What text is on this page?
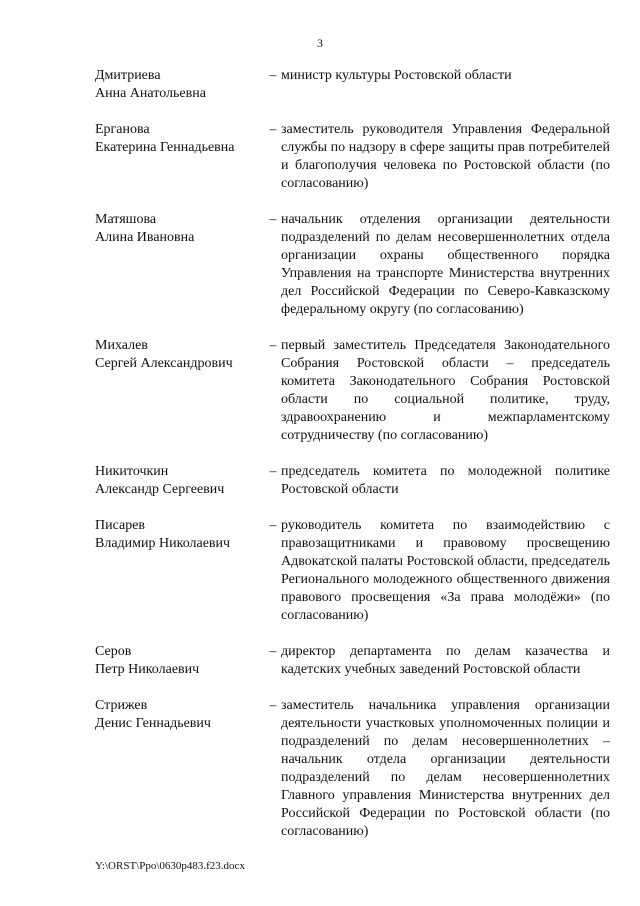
3
Дмитриева
Анна Анатольевна
– министр культуры Ростовской области
Ерганова
Екатерина Геннадьевна
– заместитель руководителя Управления Федеральной службы по надзору в сфере защиты прав потребителей и благополучия человека по Ростовской области (по согласованию)
Матяшова
Алина Ивановна
– начальник отделения организации деятельности подразделений по делам несовершеннолетних отдела организации охраны общественного порядка Управления на транспорте Министерства внутренних дел Российской Федерации по Северо-Кавказскому федеральному округу (по согласованию)
Михалев
Сергей Александрович
– первый заместитель Председателя Законодательного Собрания Ростовской области – председатель комитета Законодательного Собрания Ростовской области по социальной политике, труду, здравоохранению и межпарламентскому сотрудничеству (по согласованию)
Никиточкин
Александр Сергеевич
– председатель комитета по молодежной политике Ростовской области
Писарев
Владимир Николаевич
– руководитель комитета по взаимодействию с правозащитниками и правовому просвещению Адвокатской палаты Ростовской области, председатель Регионального молодежного общественного движения правового просвещения «За права молодёжи» (по согласованию)
Серов
Петр Николаевич
– директор департамента по делам казачества и кадетских учебных заведений Ростовской области
Стрижев
Денис Геннадьевич
– заместитель начальника управления организации деятельности участковых уполномоченных полиции и подразделений по делам несовершеннолетних – начальник отдела организации деятельности подразделений по делам несовершеннолетних Главного управления Министерства внутренних дел Российской Федерации по Ростовской области (по согласованию)
Y:\ORST\Ppo\0630p483.f23.docx
